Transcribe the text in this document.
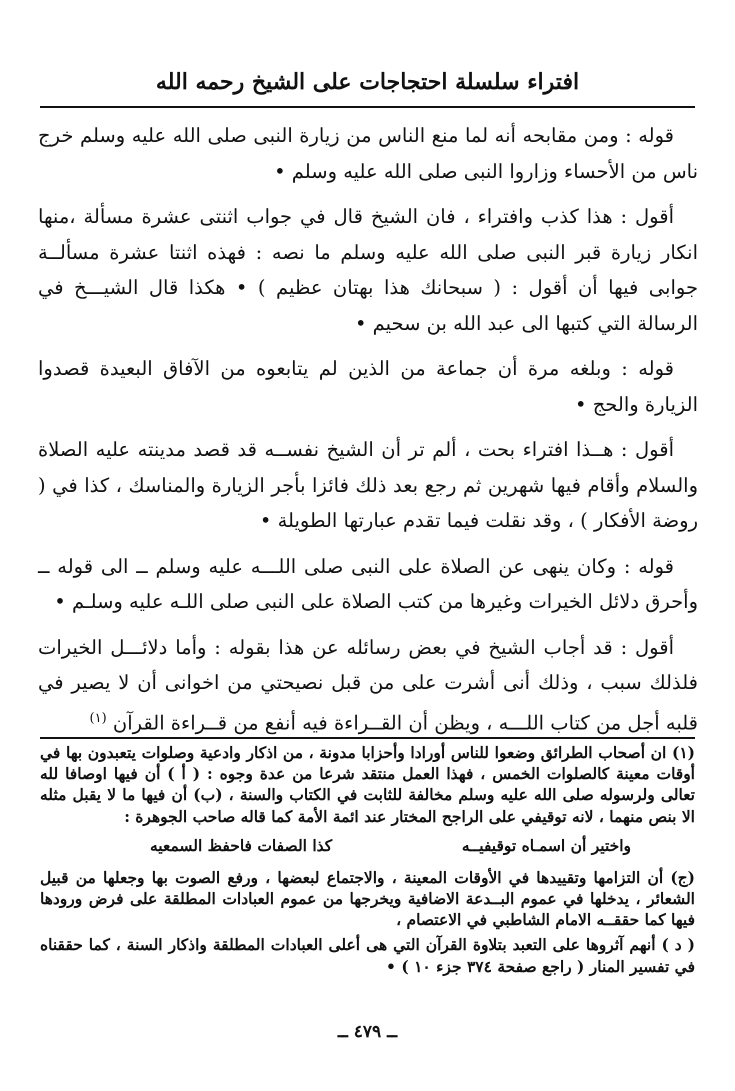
افتراء سلسلة احتجاجات على الشيخ رحمه الله

قوله : ومن مقابحه أنه لما منع الناس من زيارة النبى صلى الله عليه وسلم خرج ناس من الأحساء وزاروا النبى صلى الله عليه وسلم •

أقول : هذا كذب وافتراء ، فان الشيخ قال في جواب اثنتى عشرة مسألة ،منها انكار زيارة قبر النبى صلى الله عليه وسلم ما نصه : فهذه اثنتا عشرة مسألــة جوابى فيها أن أقول : ( سبحانك هذا بهتان عظيم ) • هكذا قال الشيـــخ في الرسالة التي كتبها الى عبد الله بن سحيم •

قوله : وبلغه مرة أن جماعة من الذين لم يتابعوه من الآفاق البعيدة قصدوا الزيارة والحج •

أقول : هــذا افتراء بحت ، ألم تر أن الشيخ نفســه قد قصد مدينته عليه الصلاة والسلام وأقام فيها شهرين ثم رجع بعد ذلك فائزا بأجر الزيارة والمناسك ، كذا في ( روضة الأفكار ) ، وقد نقلت فيما تقدم عبارتها الطويلة •

قوله : وكان ينهى عن الصلاة على النبى صلى اللـــه عليه وسلم ــ الى قوله ــ وأحرق دلائل الخيرات وغيرها من كتب الصلاة على النبى صلى اللـه عليه وسلـم •

أقول : قد أجاب الشيخ في بعض رسائله عن هذا بقوله : وأما دلائـــل الخيرات فلذلك سبب ، وذلك أنى أشرت على من قبل نصيحتي من اخوانى أن لا يصير في قلبه أجل من كتاب اللـــه ، ويظن أن القــراءة فيه أنفع من قــراءة القرآن $^{(١)}$

(١) ان أصحاب الطرائق وضعوا للناس أورادا وأحزابا مدونة ، من اذكار وادعية وصلوات يتعبدون بها في أوقات معينة كالصلوات الخمس ، فهذا العمل منتقد شرعا من عدة وجوه : ( أ ) أن فيها اوصافا لله تعالى ولرسوله صلى الله عليه وسلم مخالفة للثابت في الكتاب والسنة ، (ب) أن فيها ما لا يقبل مثله الا بنص منهما ، لانه توقيفي على الراجح المختار عند ائمة الأمة كما قاله صاحب الجوهرة :

واختير أن اسمـاه توقيفيــه
كذا الصفات فاحفظ السمعيه

(ج) أن التزامها وتقييدها في الأوقات المعينة ، والاجتماع لبعضها ، ورفع الصوت بها وجعلها من قبيل الشعائر ، يدخلها في عموم البــدعة الاضافية ويخرجها من عموم العبادات المطلقة على فرض ورودها فيها كما حققــه الامام الشاطبي في الاعتصام ،

( د ) أنهم آثروها على التعبد بتلاوة القرآن التي هى أعلى العبادات المطلقة واذكار السنة ، كما حققناه في تفسير المنار ( راجع صفحة ٣٧٤ جزء ١٠ ) •

ــ ٤٧٩ ــ
